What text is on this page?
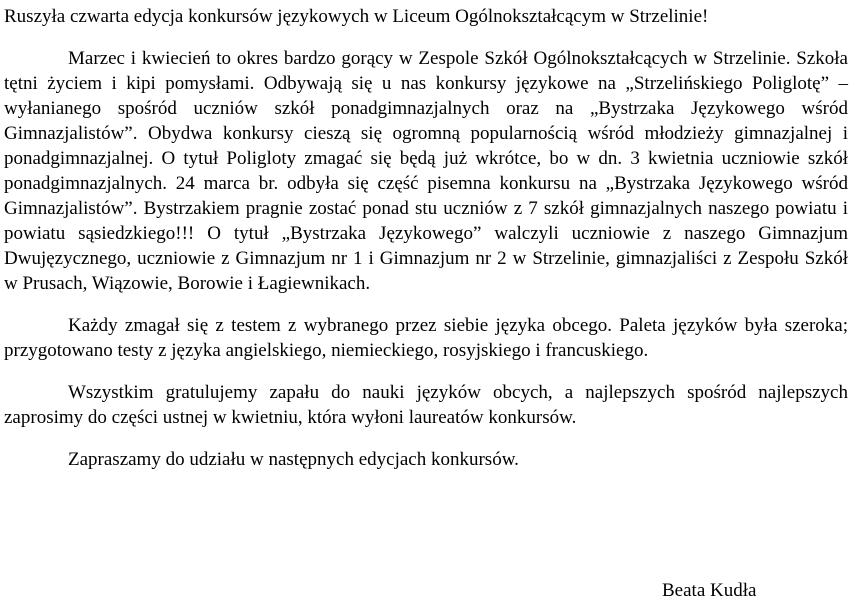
Ruszyła czwarta edycja konkursów językowych w Liceum Ogólnokształcącym w Strzelinie!

Marzec i kwiecień to okres bardzo gorący w Zespole Szkół Ogólnokształcących w Strzelinie. Szkoła tętni życiem i kipi pomysłami. Odbywają się u nas konkursy językowe na „Strzelińskiego Poliglotę” – wyłanianego spośród uczniów szkół ponadgimnazjalnych oraz na „Bystrzaka Językowego wśród Gimnazjalistów”. Obydwa konkursy cieszą się ogromną popularnością wśród młodzieży gimnazjalnej i ponadgimnazjalnej. O tytuł Poligloty zmagać się będą już wkrótce, bo w dn. 3 kwietnia uczniowie szkół ponadgimnazjalnych. 24 marca br. odbyła się część pisemna konkursu na „Bystrzaka Językowego wśród Gimnazjalistów”. Bystrzakiem pragnie zostać ponad stu uczniów z 7 szkół gimnazjalnych naszego powiatu i powiatu sąsiedzkiego!!! O tytuł „Bystrzaka Językowego” walczyli uczniowie z naszego Gimnazjum Dwujęzycznego, uczniowie z Gimnazjum nr 1 i Gimnazjum nr 2 w Strzelinie, gimnazjaliści z Zespołu Szkół w Prusach, Wiązowie, Borowie i Łagiewnikach.

Każdy zmagał się z testem z wybranego przez siebie języka obcego. Paleta języków była szeroka; przygotowano testy z języka angielskiego, niemieckiego, rosyjskiego i francuskiego.

Wszystkim gratulujemy zapału do nauki języków obcych, a najlepszych spośród najlepszych zaprosimy do części ustnej w kwietniu, która wyłoni laureatów konkursów.

Zapraszamy do udziału w następnych edycjach konkursów.

Beata Kudła
